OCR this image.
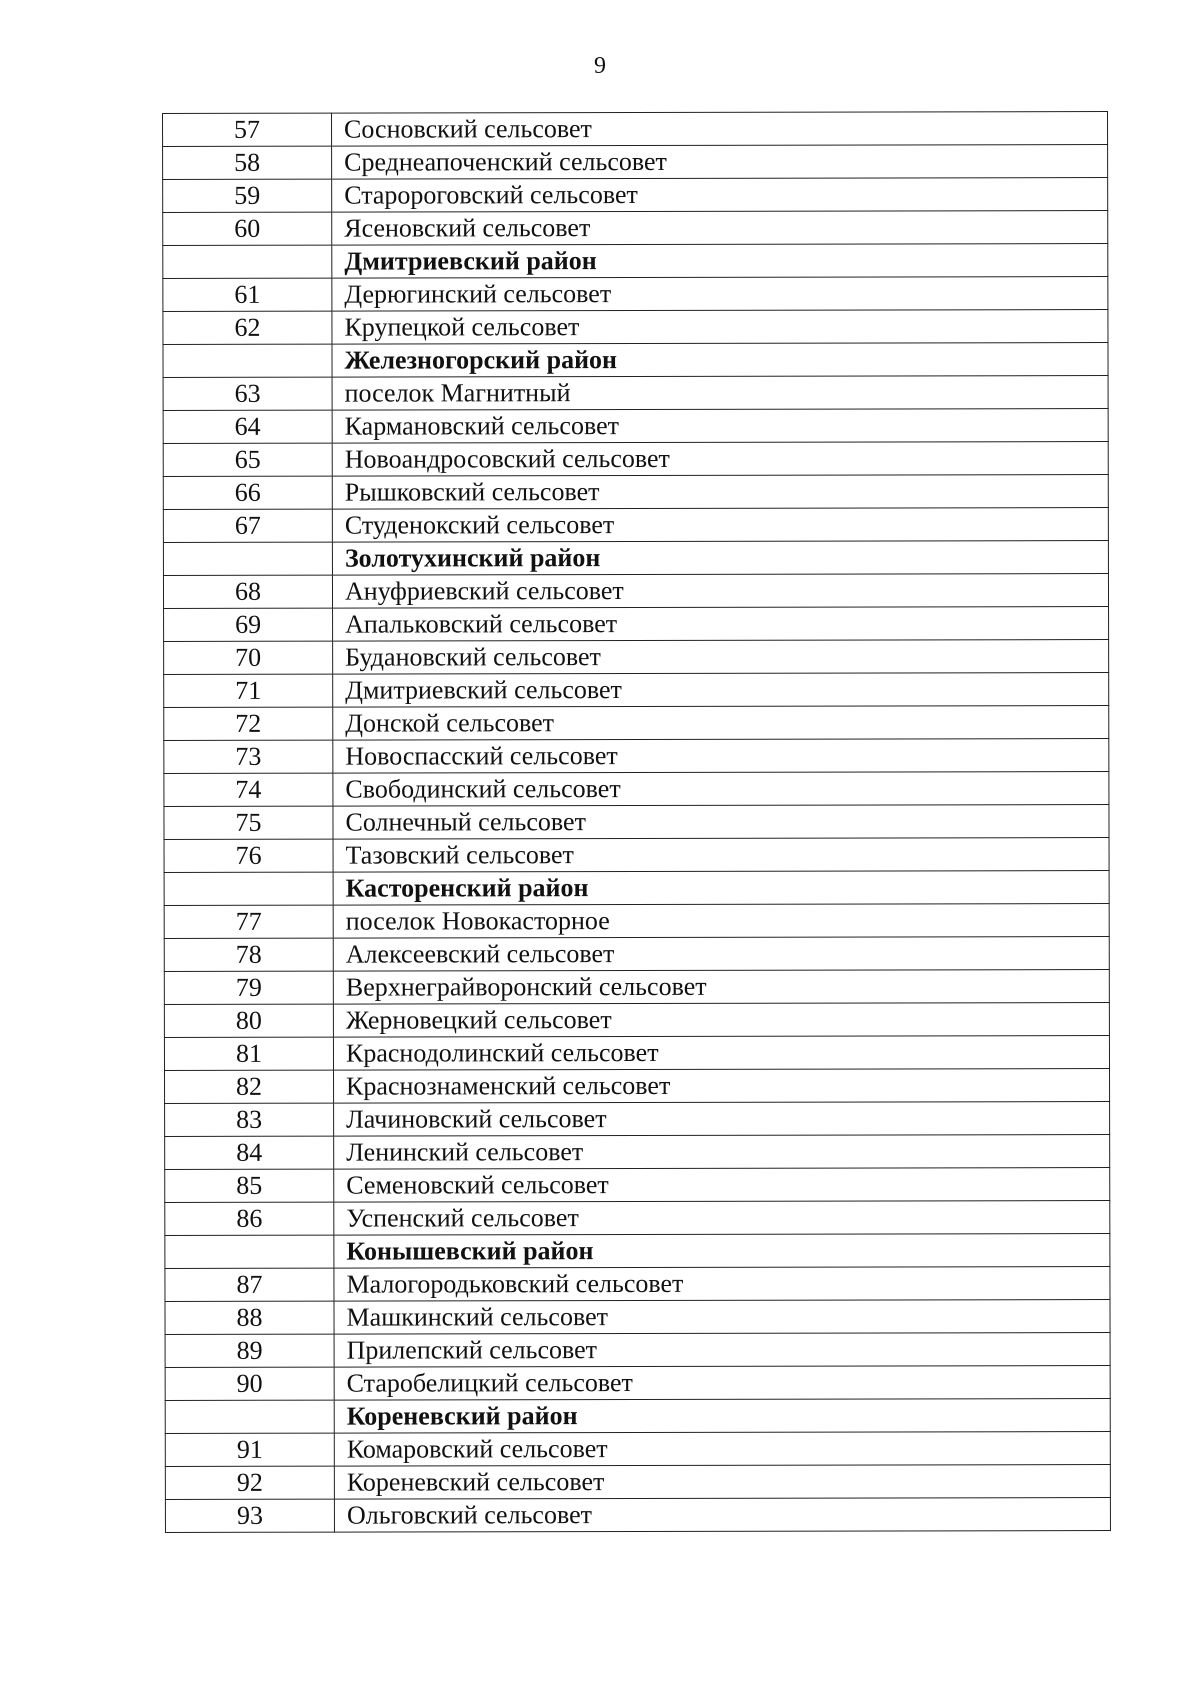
9
57	Сосновский сельсовет
58	Среднеапоченский сельсовет
59	Старороговский сельсовет
60	Ясеновский сельсовет
	Дмитриевский район
61	Дерюгинский сельсовет
62	Крупецкой сельсовет
	Железногорский район
63	поселок Магнитный
64	Кармановский сельсовет
65	Новоандросовский сельсовет
66	Рышковский сельсовет
67	Студенокский сельсовет
	Золотухинский район
68	Ануфриевский сельсовет
69	Апальковский сельсовет
70	Будановский сельсовет
71	Дмитриевский сельсовет
72	Донской сельсовет
73	Новоспасский сельсовет
74	Свободинский сельсовет
75	Солнечный сельсовет
76	Тазовский сельсовет
	Касторенский район
77	поселок Новокасторное
78	Алексеевский сельсовет
79	Верхнеграйворонский сельсовет
80	Жерновецкий сельсовет
81	Краснодолинский сельсовет
82	Краснознаменский сельсовет
83	Лачиновский сельсовет
84	Ленинский сельсовет
85	Семеновский сельсовет
86	Успенский сельсовет
	Конышевский район
87	Малогородьковский сельсовет
88	Машкинский сельсовет
89	Прилепский сельсовет
90	Старобелицкий сельсовет
	Кореневский район
91	Комаровский сельсовет
92	Кореневский сельсовет
93	Ольговский сельсовет
